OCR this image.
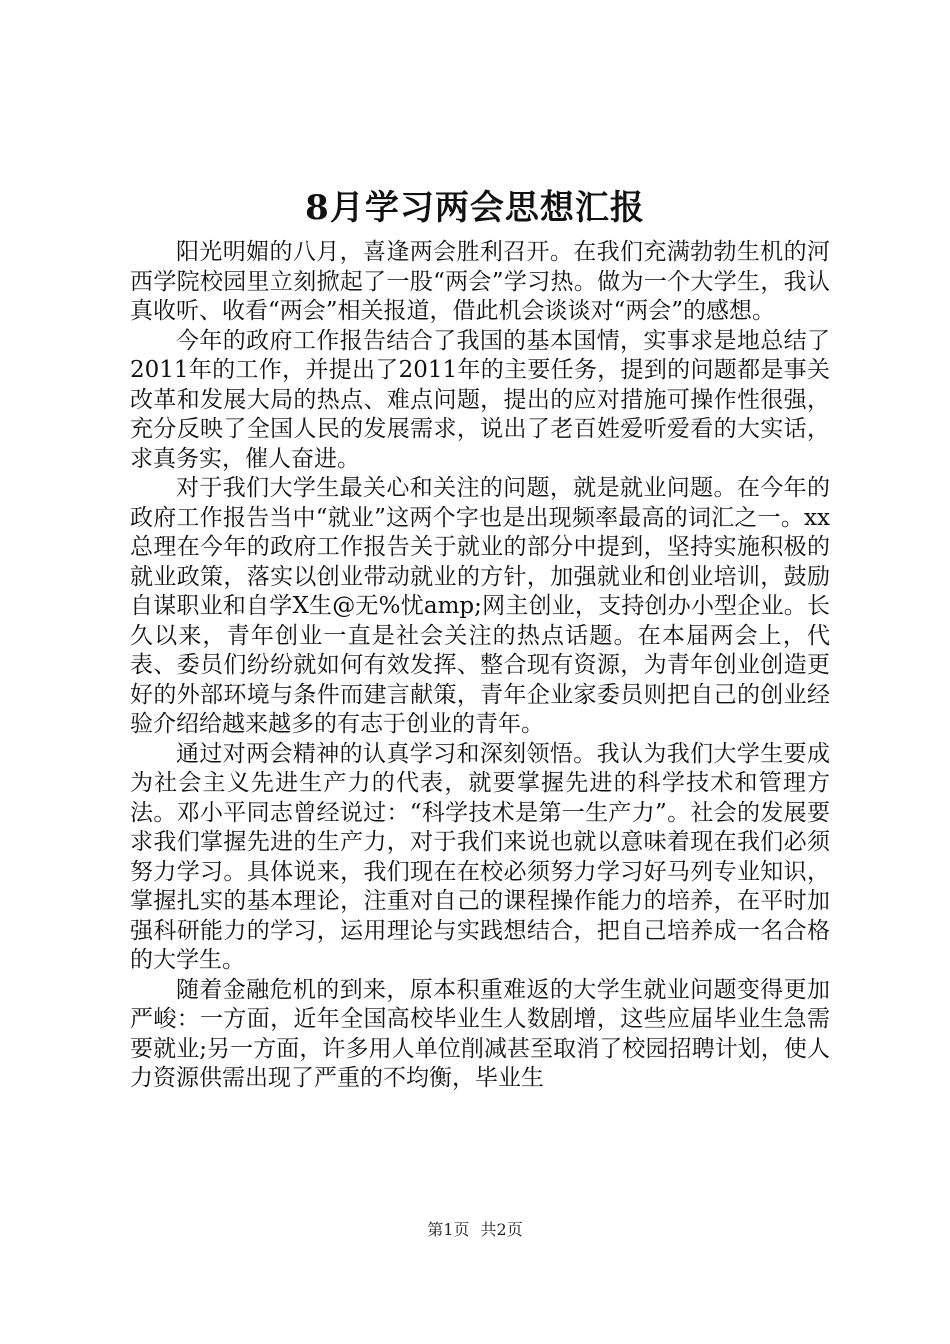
8月学习两会思想汇报

阳光明媚的八月，喜逢两会胜利召开。在我们充满勃勃生机的河西学院校园里立刻掀起了一股“两会”学习热。做为一个大学生，我认真收听、收看“两会”相关报道，借此机会谈谈对“两会”的感想。

今年的政府工作报告结合了我国的基本国情，实事求是地总结了2011年的工作，并提出了2011年的主要任务，提到的问题都是事关改革和发展大局的热点、难点问题，提出的应对措施可操作性很强，充分反映了全国人民的发展需求，说出了老百姓爱听爱看的大实话，求真务实，催人奋进。

对于我们大学生最关心和关注的问题，就是就业问题。在今年的政府工作报告当中“就业”这两个字也是出现频率最高的词汇之一。xx总理在今年的政府工作报告关于就业的部分中提到，坚持实施积极的就业政策，落实以创业带动就业的方针，加强就业和创业培训，鼓励自谋职业和自学X生@无%忧amp;网主创业，支持创办小型企业。长久以来，青年创业一直是社会关注的热点话题。在本届两会上，代表、委员们纷纷就如何有效发挥、整合现有资源，为青年创业创造更好的外部环境与条件而建言献策，青年企业家委员则把自己的创业经验介绍给越来越多的有志于创业的青年。

通过对两会精神的认真学习和深刻领悟。我认为我们大学生要成为社会主义先进生产力的代表，就要掌握先进的科学技术和管理方法。邓小平同志曾经说过：“科学技术是第一生产力”。社会的发展要求我们掌握先进的生产力，对于我们来说也就以意味着现在我们必须努力学习。具体说来，我们现在在校必须努力学习好马列专业知识，掌握扎实的基本理论，注重对自己的课程操作能力的培养，在平时加强科研能力的学习，运用理论与实践想结合，把自己培养成一名合格的大学生。

随着金融危机的到来，原本积重难返的大学生就业问题变得更加严峻：一方面，近年全国高校毕业生人数剧增，这些应届毕业生急需要就业;另一方面，许多用人单位削减甚至取消了校园招聘计划，使人力资源供需出现了严重的不均衡，毕业生

第1页 共2页
